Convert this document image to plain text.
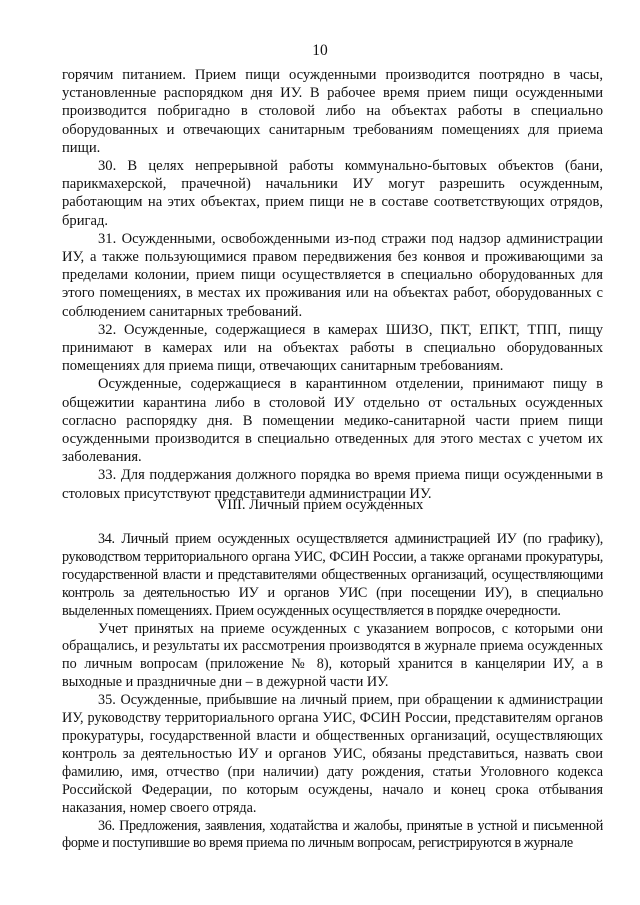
10

горячим питанием. Прием пищи осужденными производится поотрядно в часы, установленные распорядком дня ИУ. В рабочее время прием пищи осужденными производится побригадно в столовой либо на объектах работы в специально оборудованных и отвечающих санитарным требованиям помещениях для приема пищи.

30. В целях непрерывной работы коммунально-бытовых объектов (бани, парикмахерской, прачечной) начальники ИУ могут разрешить осужденным, работающим на этих объектах, прием пищи не в составе соответствующих отрядов, бригад.

31. Осужденными, освобожденными из-под стражи под надзор администрации ИУ, а также пользующимися правом передвижения без конвоя и проживающими за пределами колонии, прием пищи осуществляется в специально оборудованных для этого помещениях, в местах их проживания или на объектах работ, оборудованных с соблюдением санитарных требований.

32. Осужденные, содержащиеся в камерах ШИЗО, ПКТ, ЕПКТ, ТПП, пищу принимают в камерах или на объектах работы в специально оборудованных помещениях для приема пищи, отвечающих санитарным требованиям.

Осужденные, содержащиеся в карантинном отделении, принимают пищу в общежитии карантина либо в столовой ИУ отдельно от остальных осужденных согласно распорядку дня. В помещении медико-санитарной части прием пищи осужденными производится в специально отведенных для этого местах с учетом их заболевания.

33. Для поддержания должного порядка во время приема пищи осужденными в столовых присутствуют представители администрации ИУ.

VIII. Личный прием осужденных

34. Личный прием осужденных осуществляется администрацией ИУ (по графику), руководством территориального органа УИС, ФСИН России, а также органами прокуратуры, государственной власти и представителями общественных организаций, осуществляющими контроль за деятельностью ИУ и органов УИС (при посещении ИУ), в специально выделенных помещениях. Прием осужденных осуществляется в порядке очередности.

Учет принятых на приеме осужденных с указанием вопросов, с которыми они обращались, и результаты их рассмотрения производятся в журнале приема осужденных по личным вопросам (приложение № 8), который хранится в канцелярии ИУ, а в выходные и праздничные дни – в дежурной части ИУ.

35. Осужденные, прибывшие на личный прием, при обращении к администрации ИУ, руководству территориального органа УИС, ФСИН России, представителям органов прокуратуры, государственной власти и общественных организаций, осуществляющих контроль за деятельностью ИУ и органов УИС, обязаны представиться, назвать свои фамилию, имя, отчество (при наличии) дату рождения, статьи Уголовного кодекса Российской Федерации, по которым осуждены, начало и конец срока отбывания наказания, номер своего отряда.

36. Предложения, заявления, ходатайства и жалобы, принятые в устной и письменной форме и поступившие во время приема по личным вопросам, регистрируются в журнале
